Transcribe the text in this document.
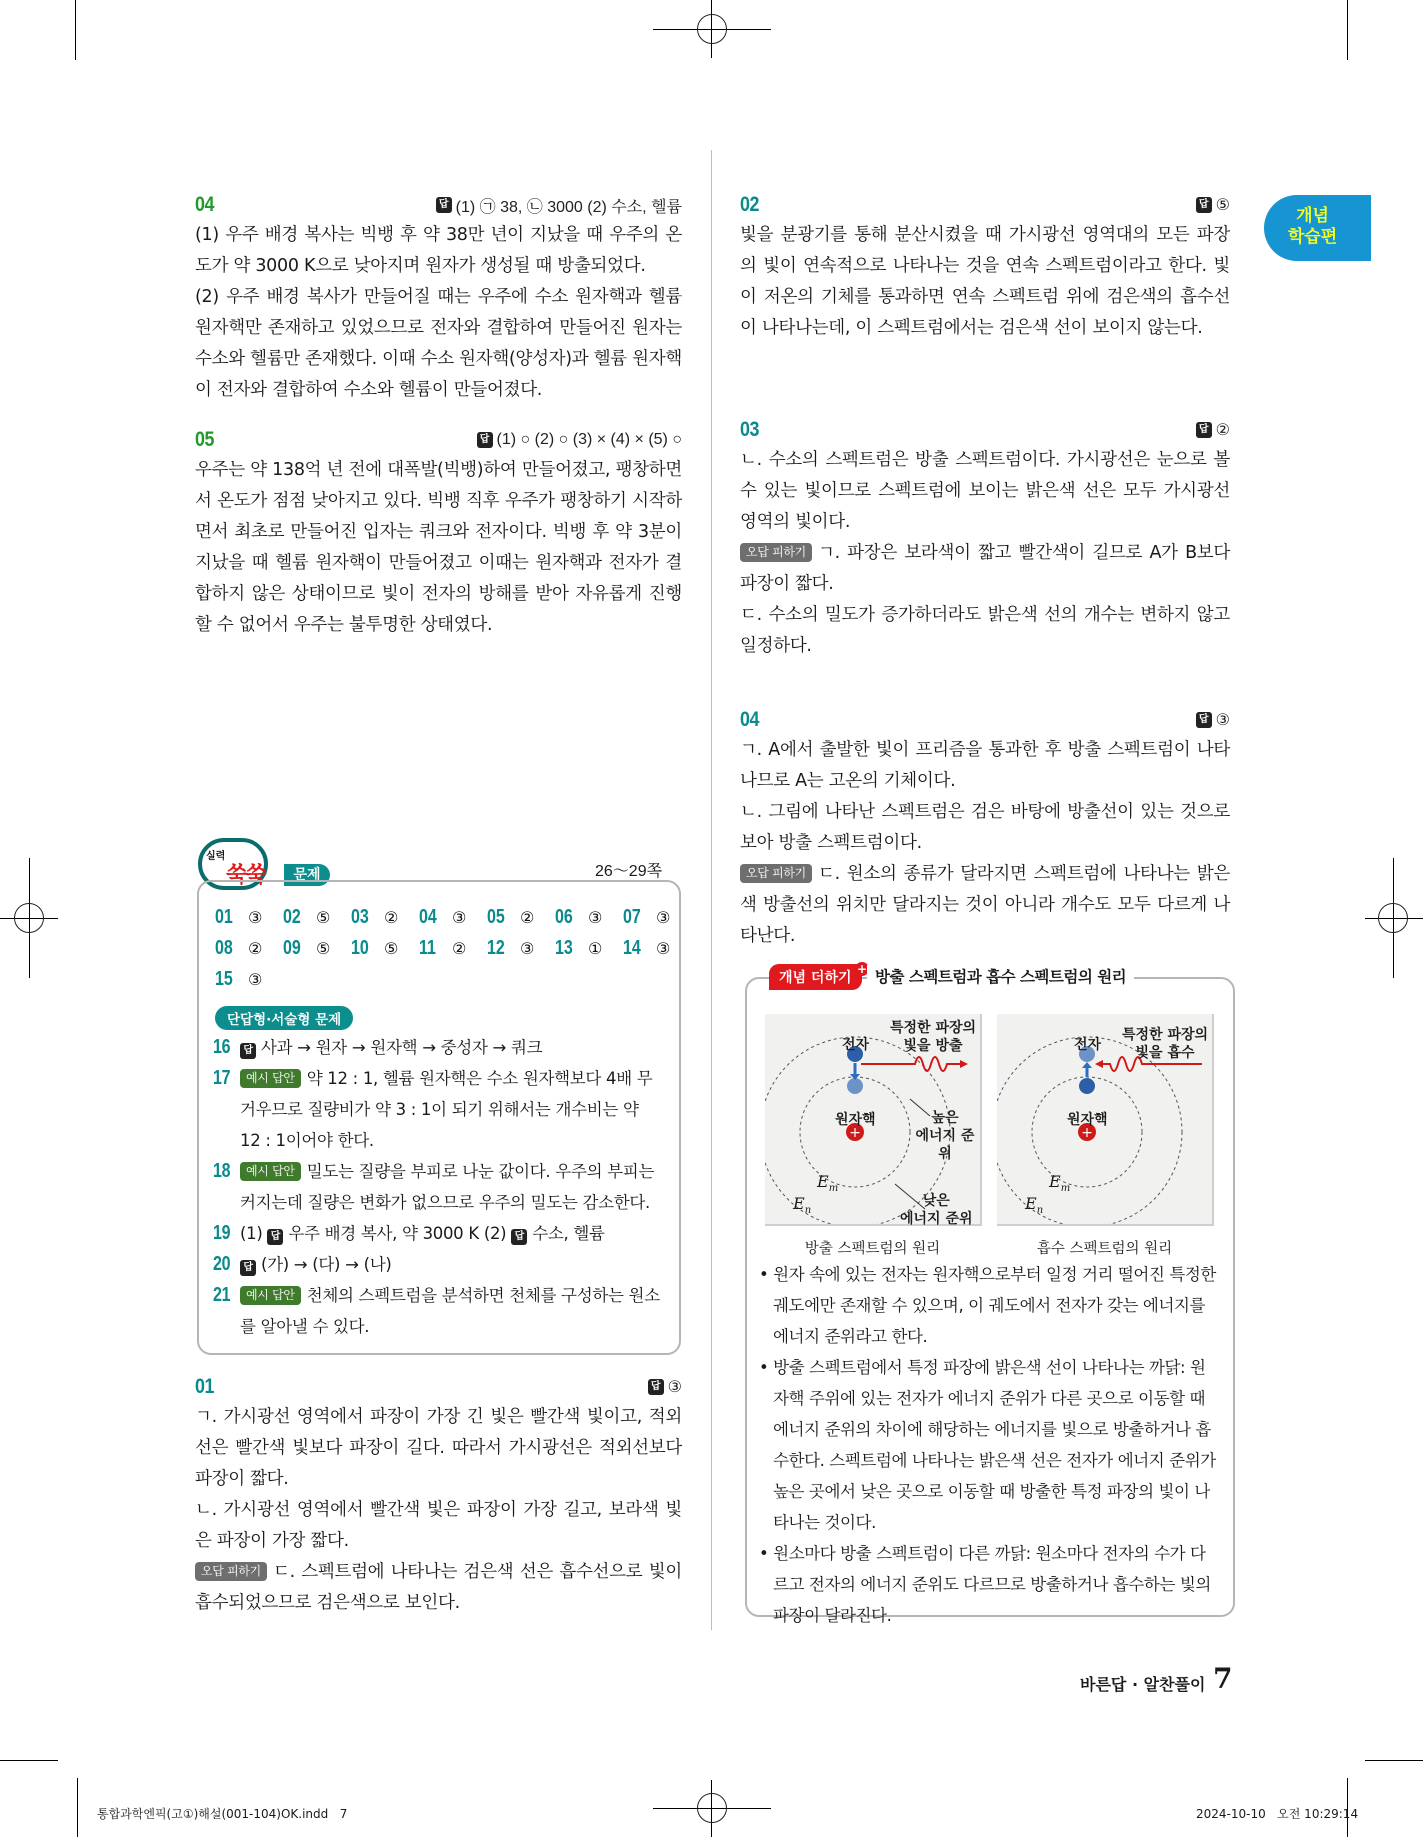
개념
학습편
04	답 (1) ㉠ 38, ㉡ 3000 (2) 수소, 헬륨

(1) 우주 배경 복사는 빅뱅 후 약 38만 년이 지났을 때 우주의 온도가 약 3000 K으로 낮아지며 원자가 생성될 때 방출되었다.

(2) 우주 배경 복사가 만들어질 때는 우주에 수소 원자핵과 헬륨 원자핵만 존재하고 있었으므로 전자와 결합하여 만들어진 원자는 수소와 헬륨만 존재했다. 이때 수소 원자핵(양성자)과 헬륨 원자핵이 전자와 결합하여 수소와 헬륨이 만들어졌다.

05	답 (1) ○ (2) ○ (3) × (4) × (5) ○

우주는 약 138억 년 전에 대폭발(빅뱅)하여 만들어졌고, 팽창하면서 온도가 점점 낮아지고 있다. 빅뱅 직후 우주가 팽창하기 시작하면서 최초로 만들어진 입자는 쿼크와 전자이다. 빅뱅 후 약 3분이 지났을 때 헬륨 원자핵이 만들어졌고 이때는 원자핵과 전자가 결합하지 않은 상태이므로 빛이 전자의 방해를 받아 자유롭게 진행할 수 없어서 우주는 불투명한 상태였다.

실력
쑥쑥	문제	26～29쪽
01 ③ 02 ⑤ 03 ② 04 ③ 05 ② 06 ③ 07 ③
08 ② 09 ⑤ 10 ⑤ 11	② 12 ③ 13 ① 14 ③
15 ③
단답형·서술형 문제
16	답 사과 → 원자 → 원자핵 → 중성자 → 쿼크
17	예시 답안 약 12 : 1, 헬륨 원자핵은 수소 원자핵보다 4배 무거우므로 질량비가 약 3 : 1이 되기 위해서는 개수비는 약 12 : 1이어야 한다.
18	예시 답안 밀도는 질량을 부피로 나눈 값이다. 우주의 부피는 커지는데 질량은 변화가 없으므로 우주의 밀도는 감소한다.
19 (1) 답 우주 배경 복사, 약 3000 K (2) 답 수소, 헬륨
20	답 (가) → (다) → (나)
21	예시 답안 천체의 스펙트럼을 분석하면 천체를 구성하는 원소를 알아낼 수 있다.
01	답 ③

ㄱ. 가시광선 영역에서 파장이 가장 긴 빛은 빨간색 빛이고, 적외선은 빨간색 빛보다 파장이 길다. 따라서 가시광선은 적외선보다 파장이 짧다.

ㄴ. 가시광선 영역에서 빨간색 빛은 파장이 가장 길고, 보라색 빛은 파장이 가장 짧다.

오답 피하기 ㄷ. 스펙트럼에 나타나는 검은색 선은 흡수선으로 빛이 흡수되었으므로 검은색으로 보인다.

02	답 ⑤

빛을 분광기를 통해 분산시켰을 때 가시광선 영역대의 모든 파장의 빛이 연속적으로 나타나는 것을 연속 스펙트럼이라고 한다. 빛이 저온의 기체를 통과하면 연속 스펙트럼 위에 검은색의 흡수선이 나타나는데, 이 스펙트럼에서는 검은색 선이 보이지 않는다.

03	답 ②

ㄴ. 수소의 스펙트럼은 방출 스펙트럼이다. 가시광선은 눈으로 볼 수 있는 빛이므로 스펙트럼에 보이는 밝은색 선은 모두 가시광선 영역의 빛이다.

오답 피하기 ㄱ. 파장은 보라색이 짧고 빨간색이 길므로 A가 B보다 파장이 짧다.

ㄷ. 수소의 밀도가 증가하더라도 밝은색 선의 개수는 변하지 않고 일정하다.

04	답 ③

ㄱ. A에서 출발한 빛이 프리즘을 통과한 후 방출 스펙트럼이 나타나므로 A는 고온의 기체이다.

ㄴ. 그림에 나타난 스펙트럼은 검은 바탕에 방출선이 있는 것으로 보아 방출 스펙트럼이다.

오답 피하기 ㄷ. 원소의 종류가 달라지면 스펙트럼에 나타나는 밝은색 방출선의 위치만 달라지는 것이 아니라 개수도 모두 다르게 나타난다.

개념 더하기
+ 방출 스펙트럼과 흡수 스펙트럼의 원리
+
전자
특정한 파장의
빛을 방출
원자핵	높은
에너지 준위
낮은
에너지 준위
$E_m$
$E_n$
방출 스펙트럼의 원리
+
전자
특정한 파장의
빛을 흡수
원자핵
$E_m$
$E_n$
흡수 스펙트럼의 원리

• 원자 속에 있는 전자는 원자핵으로부터 일정 거리 떨어진 특정한 궤도에만 존재할 수 있으며, 이 궤도에서 전자가 갖는 에너지를 에너지 준위라고 한다.

• 방출 스펙트럼에서 특정 파장에 밝은색 선이 나타나는 까닭: 원자핵 주위에 있는 전자가 에너지 준위가 다른 곳으로 이동할 때 에너지 준위의 차이에 해당하는 에너지를 빛으로 방출하거나 흡수한다. 스펙트럼에 나타나는 밝은색 선은 전자가 에너지 준위가 높은 곳에서 낮은 곳으로 이동할 때 방출한 특정 파장의 빛이 나타나는 것이다.

• 원소마다 방출 스펙트럼이 다른 까닭: 원소마다 전자의 수가 다르고 전자의 에너지 준위도 다르므로 방출하거나 흡수하는 빛의 파장이 달라진다.

바른답 · 알찬풀이 7
통합과학엔픽(고①)해설(001-104)OK.indd   7	2024-10-10   오전 10:29:14
